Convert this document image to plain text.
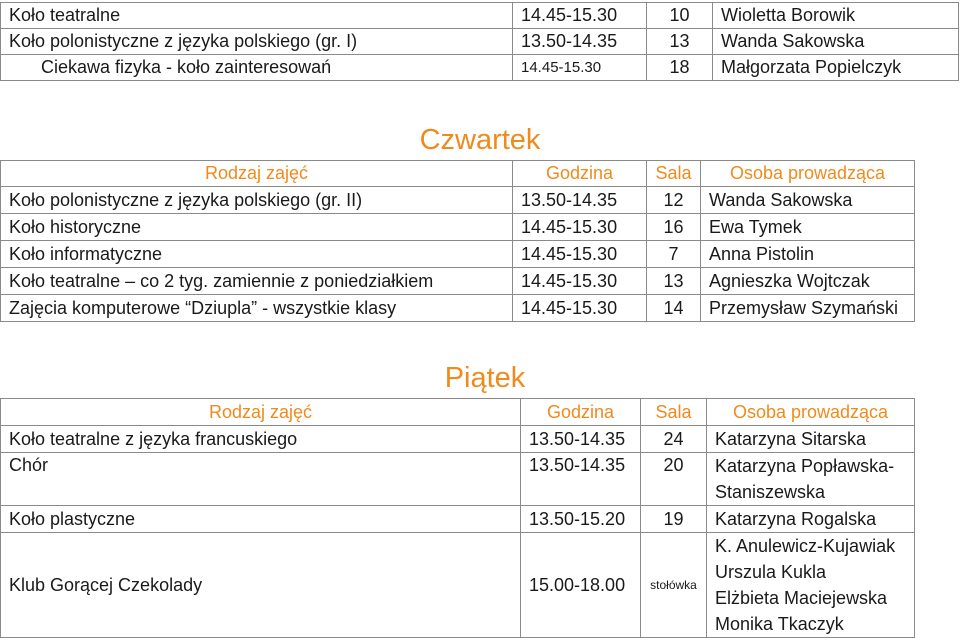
Koło teatralne	14.45-15.30	10	Wioletta Borowik
Koło polonistyczne z języka polskiego (gr. I)	13.50-14.35	13	Wanda Sakowska
Ciekawa fizyka - koło zainteresowań	14.45-15.30	18	Małgorzata Popielczyk
Czwartek
Rodzaj zajęć	Godzina	Sala	Osoba prowadząca
Koło polonistyczne z języka polskiego (gr. II)	13.50-14.35	12	Wanda Sakowska
Koło historyczne	14.45-15.30	16	Ewa Tymek
Koło informatyczne	14.45-15.30	7	Anna Pistolin
Koło teatralne – co 2 tyg. zamiennie z poniedziałkiem	14.45-15.30	13	Agnieszka Wojtczak
Zajęcia komputerowe “Dziupla” - wszystkie klasy	14.45-15.30	14	Przemysław Szymański
Piątek
Rodzaj zajęć	Godzina	Sala	Osoba prowadząca
Koło teatralne z języka francuskiego	13.50-14.35	24	Katarzyna Sitarska
Chór	13.50-14.35	20	Katarzyna Popławska-
Staniszewska

Koło plastyczne	13.50-15.20	19	Katarzyna Rogalska
Klub Gorącej Czekolady	15.00-18.00	stołówka	K. Anulewicz-Kujawiak
Urszula Kukla
Elżbieta Maciejewska
Monika Tkaczyk
